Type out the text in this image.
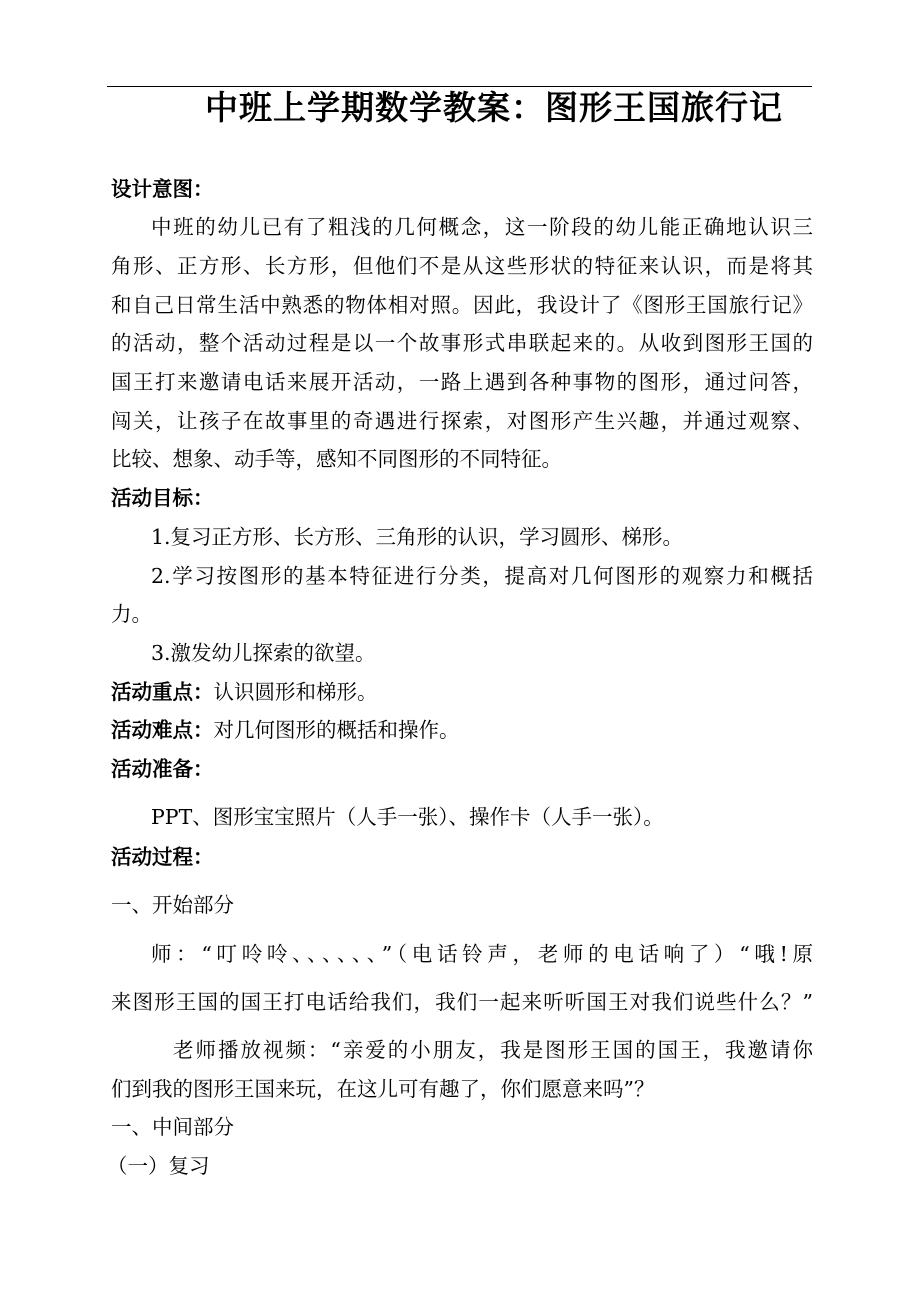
中班上学期数学教案：图形王国旅行记
设计意图：
中班的幼儿已有了粗浅的几何概念，这一阶段的幼儿能正确地认识三
角形、正方形、长方形，但他们不是从这些形状的特征来认识，而是将其
和自己日常生活中熟悉的物体相对照。因此，我设计了《图形王国旅行记》
的活动，整个活动过程是以一个故事形式串联起来的。从收到图形王国的
国王打来邀请电话来展开活动，一路上遇到各种事物的图形，通过问答，
闯关，让孩子在故事里的奇遇进行探索，对图形产生兴趣，并通过观察、
比较、想象、动手等，感知不同图形的不同特征。
活动目标：
1.复习正方形、长方形、三角形的认识，学习圆形、梯形。
2.学习按图形的基本特征进行分类，提高对几何图形的观察力和概括
力。
3.激发幼儿探索的欲望。
活动重点：认识圆形和梯形。
活动难点：对几何图形的概括和操作。
活动准备：
PPT、图形宝宝照片（人手一张）、操作卡（人手一张）。
活动过程：
一、开始部分
师：“叮呤呤、、、、、、”（电话铃声，老师的电话响了）“哦!原
来图形王国的国王打电话给我们，我们一起来听听国王对我们说些什么？”
老师播放视频：“亲爱的小朋友，我是图形王国的国王，我邀请你
们到我的图形王国来玩，在这儿可有趣了，你们愿意来吗”？
一、中间部分
（一）复习
